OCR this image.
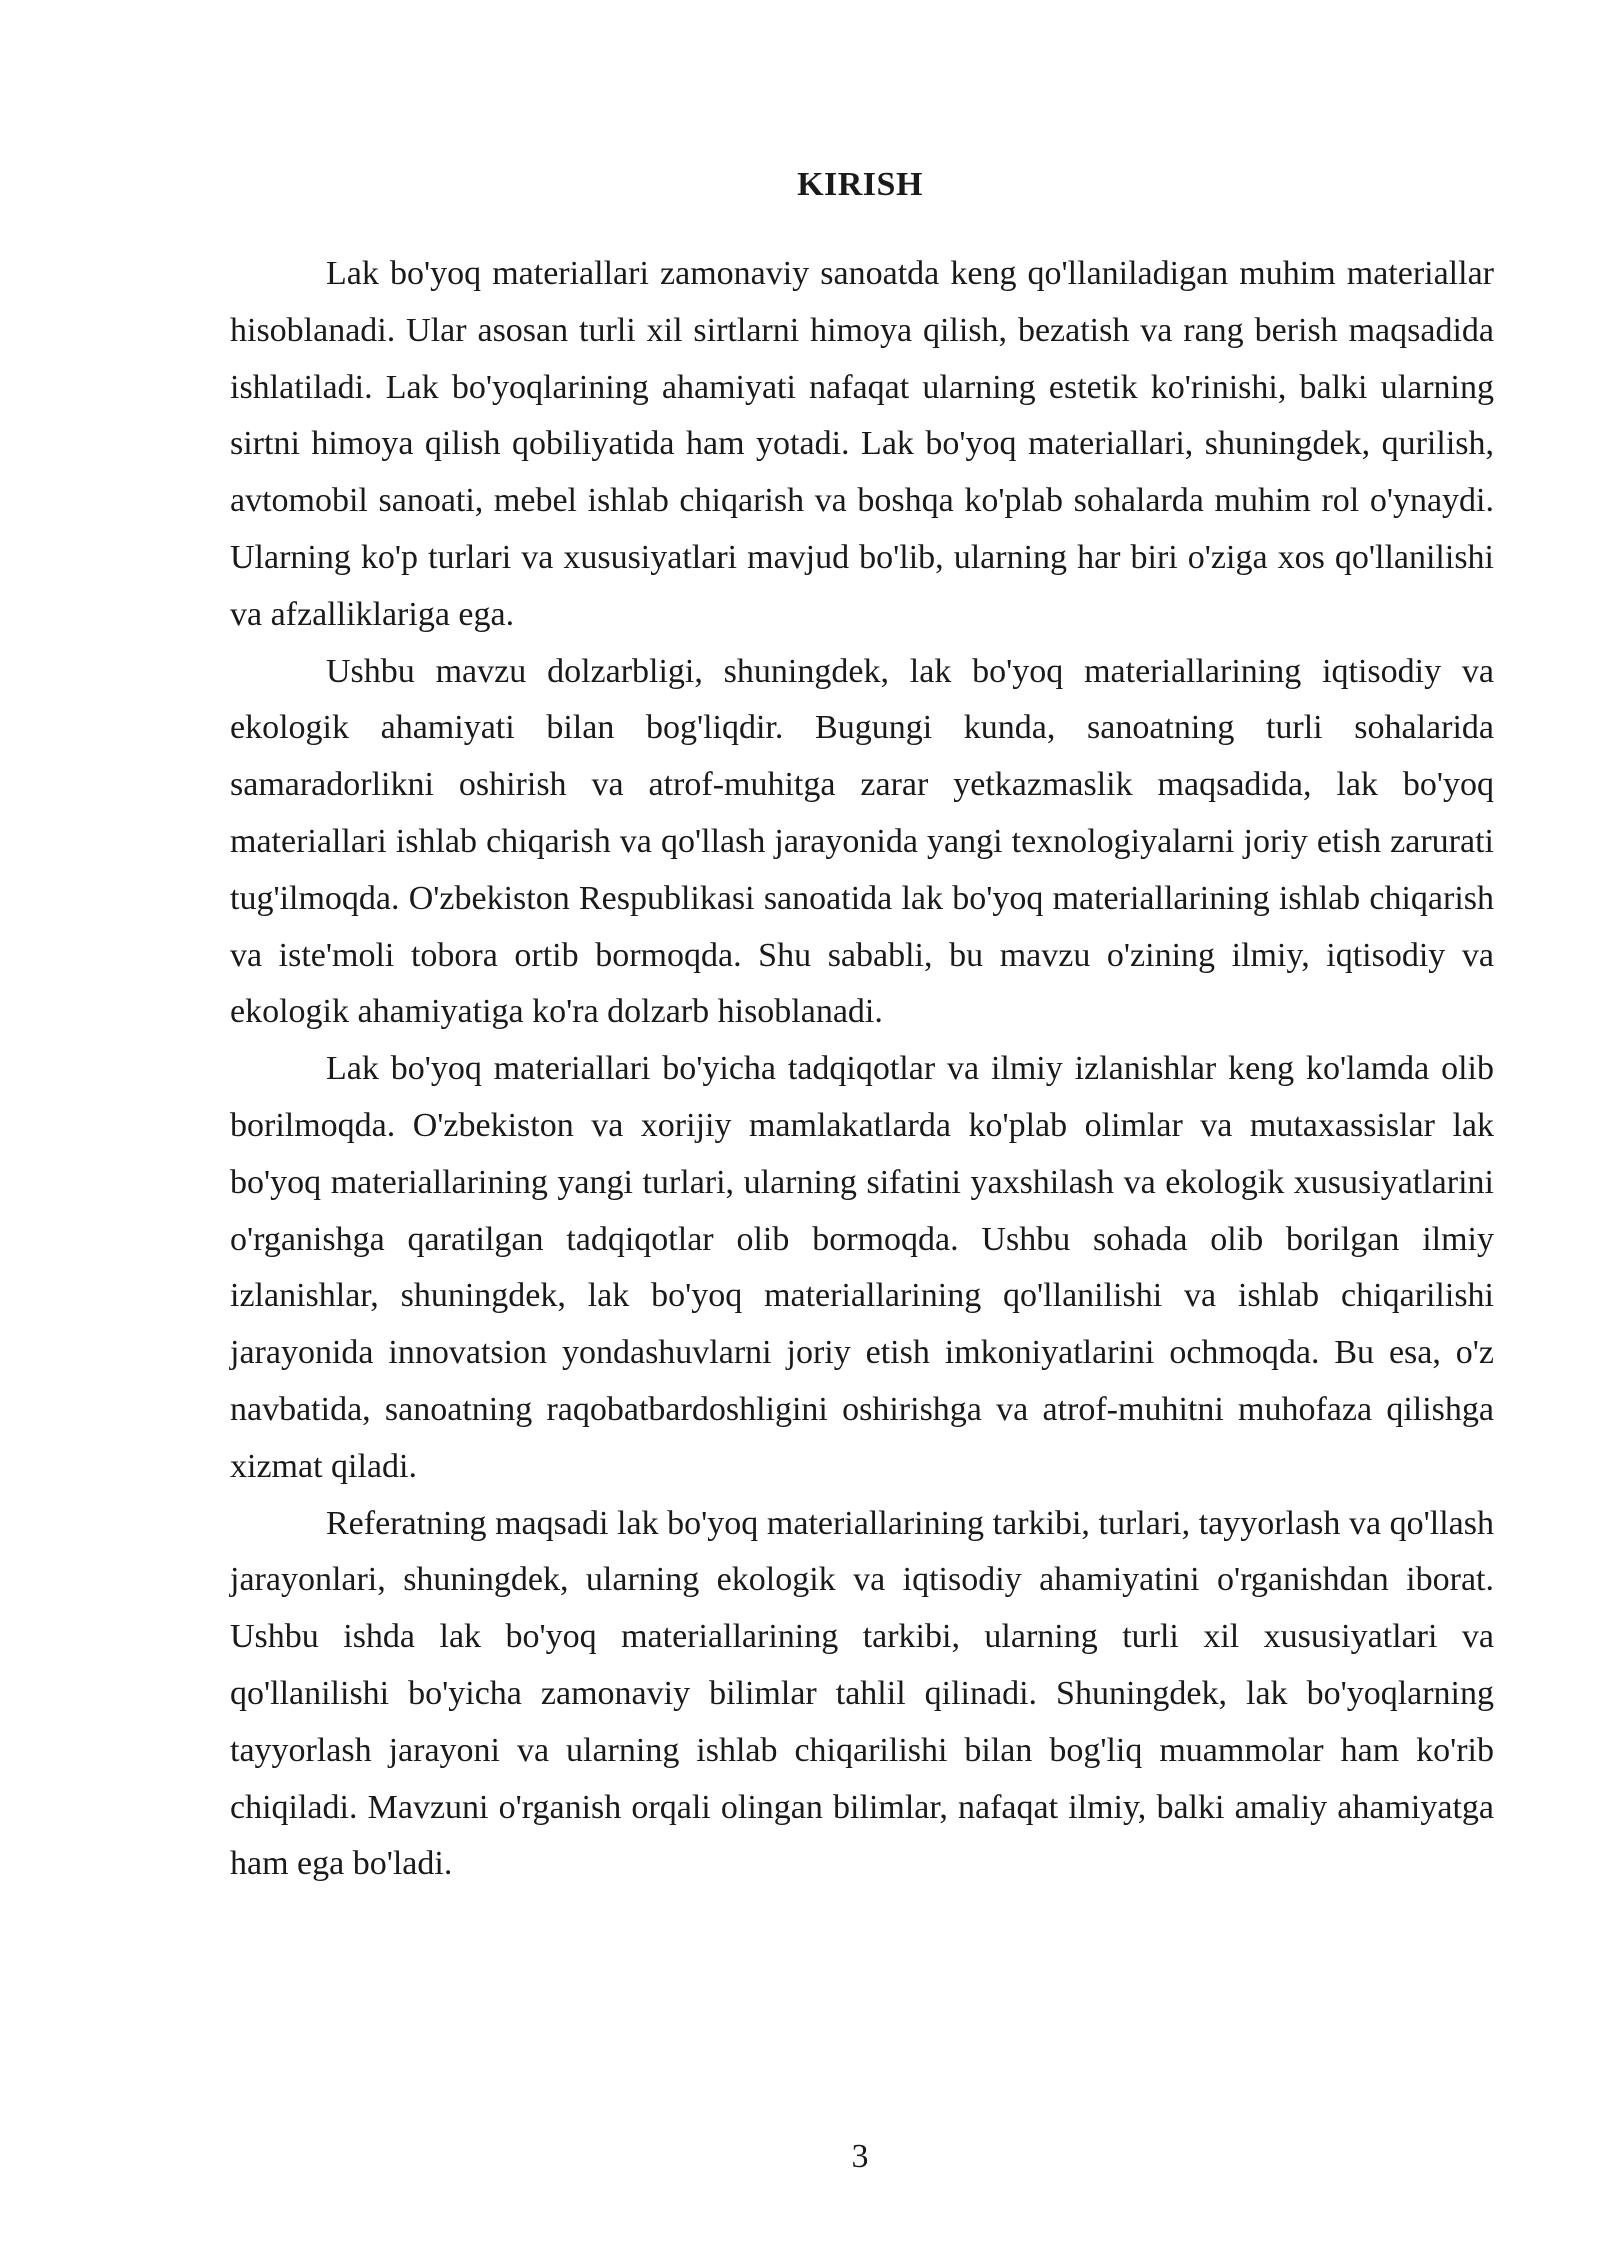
KIRISH

Lak bo'yoq materiallari zamonaviy sanoatda keng qo'llaniladigan muhim materiallar hisoblanadi. Ular asosan turli xil sirtlarni himoya qilish, bezatish va rang berish maqsadida ishlatiladi. Lak bo'yoqlarining ahamiyati nafaqat ularning estetik ko'rinishi, balki ularning sirtni himoya qilish qobiliyatida ham yotadi. Lak bo'yoq materiallari, shuningdek, qurilish, avtomobil sanoati, mebel ishlab chiqarish va boshqa ko'plab sohalarda muhim rol o'ynaydi. Ularning ko'p turlari va xususiyatlari mavjud bo'lib, ularning har biri o'ziga xos qo'llanilishi va afzalliklariga ega.

Ushbu mavzu dolzarbligi, shuningdek, lak bo'yoq materiallarining iqtisodiy va ekologik ahamiyati bilan bog'liqdir. Bugungi kunda, sanoatning turli sohalarida samaradorlikni oshirish va atrof-muhitga zarar yetkazmaslik maqsadida, lak bo'yoq materiallari ishlab chiqarish va qo'llash jarayonida yangi texnologiyalarni joriy etish zarurati tug'ilmoqda. O'zbekiston Respublikasi sanoatida lak bo'yoq materiallarining ishlab chiqarish va iste'moli tobora ortib bormoqda. Shu sababli, bu mavzu o'zining ilmiy, iqtisodiy va ekologik ahamiyatiga ko'ra dolzarb hisoblanadi.

Lak bo'yoq materiallari bo'yicha tadqiqotlar va ilmiy izlanishlar keng ko'lamda olib borilmoqda. O'zbekiston va xorijiy mamlakatlarda ko'plab olimlar va mutaxassislar lak bo'yoq materiallarining yangi turlari, ularning sifatini yaxshilash va ekologik xususiyatlarini o'rganishga qaratilgan tadqiqotlar olib bormoqda. Ushbu sohada olib borilgan ilmiy izlanishlar, shuningdek, lak bo'yoq materiallarining qo'llanilishi va ishlab chiqarilishi jarayonida innovatsion yondashuvlarni joriy etish imkoniyatlarini ochmoqda. Bu esa, o'z navbatida, sanoatning raqobatbardoshligini oshirishga va atrof-muhitni muhofaza qilishga xizmat qiladi.

Referatning maqsadi lak bo'yoq materiallarining tarkibi, turlari, tayyorlash va qo'llash jarayonlari, shuningdek, ularning ekologik va iqtisodiy ahamiyatini o'rganishdan iborat. Ushbu ishda lak bo'yoq materiallarining tarkibi, ularning turli xil xususiyatlari va qo'llanilishi bo'yicha zamonaviy bilimlar tahlil qilinadi. Shuningdek, lak bo'yoqlarning tayyorlash jarayoni va ularning ishlab chiqarilishi bilan bog'liq muammolar ham ko'rib chiqiladi. Mavzuni o'rganish orqali olingan bilimlar, nafaqat ilmiy, balki amaliy ahamiyatga ham ega bo'ladi.

3
